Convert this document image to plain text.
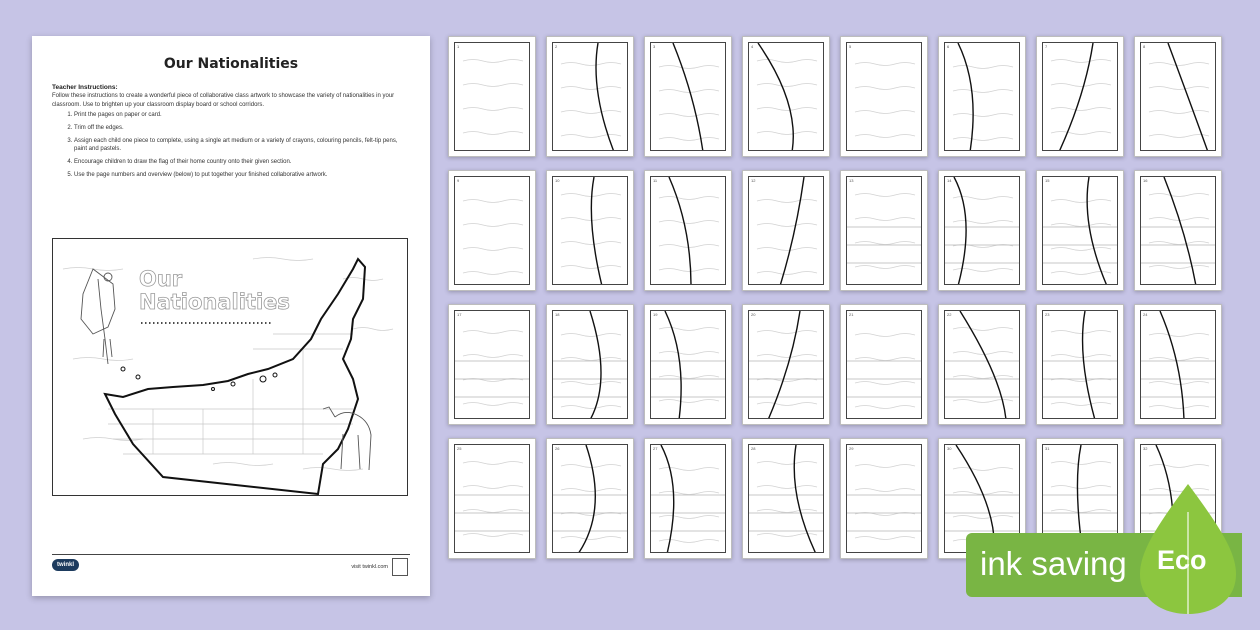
Our Nationalities
Teacher Instructions:

Follow these instructions to create a wonderful piece of collaborative class artwork to showcase the variety of nationalities in your classroom. Use to brighten up your classroom display board or school corridors.

1. Print the pages on paper or card.
2. Trim off the edges.
3. Assign each child one piece to complete, using a single art medium or a variety of crayons, colouring pencils, felt-tip pens, paint and pastels.
4. Encourage children to draw the flag of their home country onto their given section.
5. Use the page numbers and overview (below) to put together your finished collaborative artwork.
Our
Nationalities
twinkl	visit twinkl.com
1	2	3	4	5	6	7	8
9	10	11	12	13	14	15	16
17	18	19	20	21	22	23	24
25	26	27	28	29	30	31	32
ink saving Eco
